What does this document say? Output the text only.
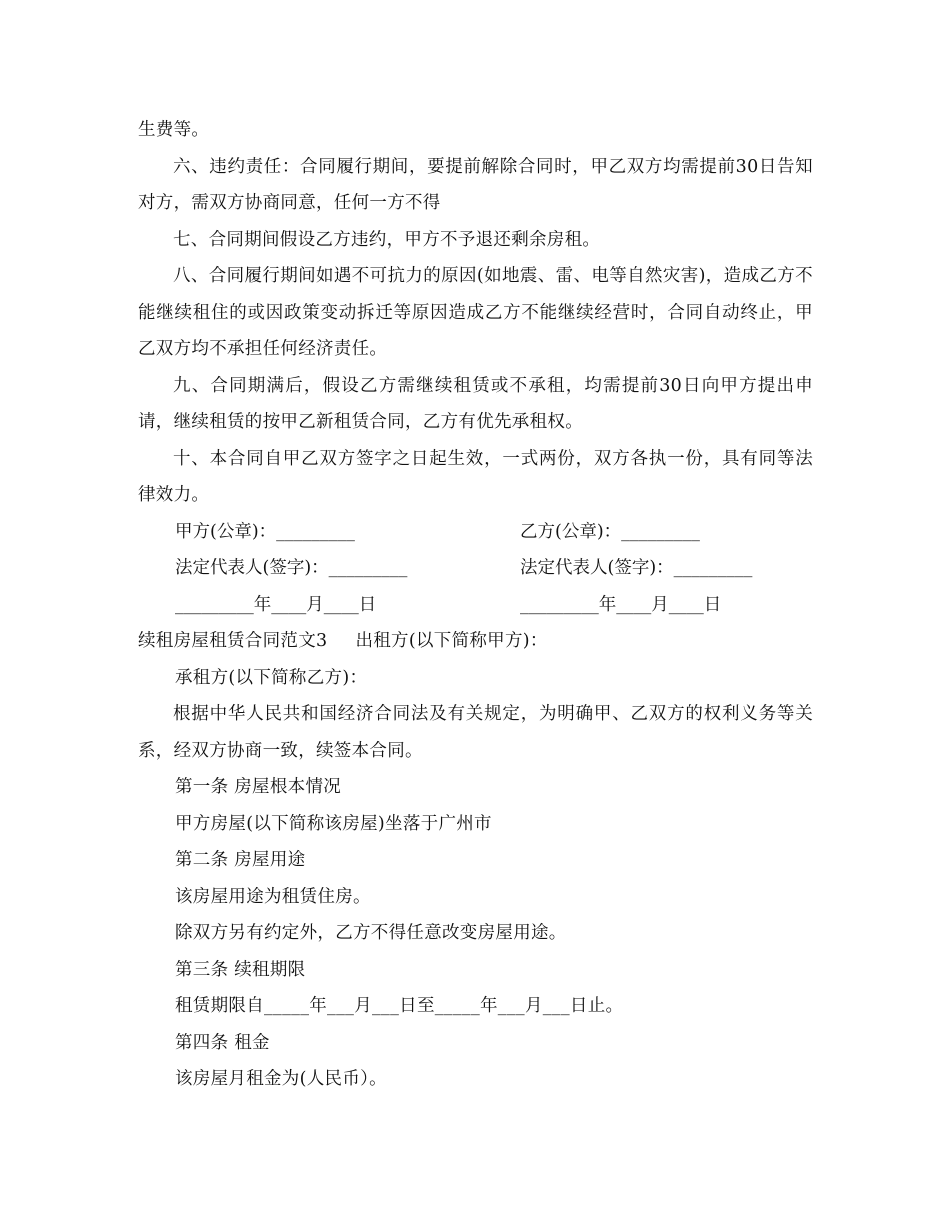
生费等。

六、违约责任：合同履行期间，要提前解除合同时，甲乙双方均需提前30日告知对方，需双方协商同意，任何一方不得

七、合同期间假设乙方违约，甲方不予退还剩余房租。

八、合同履行期间如遇不可抗力的原因(如地震、雷、电等自然灾害)，造成乙方不能继续租住的或因政策变动拆迁等原因造成乙方不能继续经营时，合同自动终止，甲乙双方均不承担任何经济责任。

九、合同期满后，假设乙方需继续租赁或不承租，均需提前30日向甲方提出申请，继续租赁的按甲乙新租赁合同，乙方有优先承租权。

十、本合同自甲乙双方签字之日起生效，一式两份，双方各执一份，具有同等法律效力。

甲方(公章)：_________	乙方(公章)：_________
法定代表人(签字)：_________	法定代表人(签字)：_________
_________年____月____日	_________年____月____日

续租房屋租赁合同范文3 出租方(以下简称甲方)：

承租方(以下简称乙方)：

根据中华人民共和国经济合同法及有关规定，为明确甲、乙双方的权利义务等关系，经双方协商一致，续签本合同。

第一条 房屋根本情况

甲方房屋(以下简称该房屋)坐落于广州市

第二条 房屋用途

该房屋用途为租赁住房。

除双方另有约定外，乙方不得任意改变房屋用途。

第三条 续租期限

租赁期限自_____年___月___日至_____年___月___日止。

第四条 租金

该房屋月租金为(人民币）。
